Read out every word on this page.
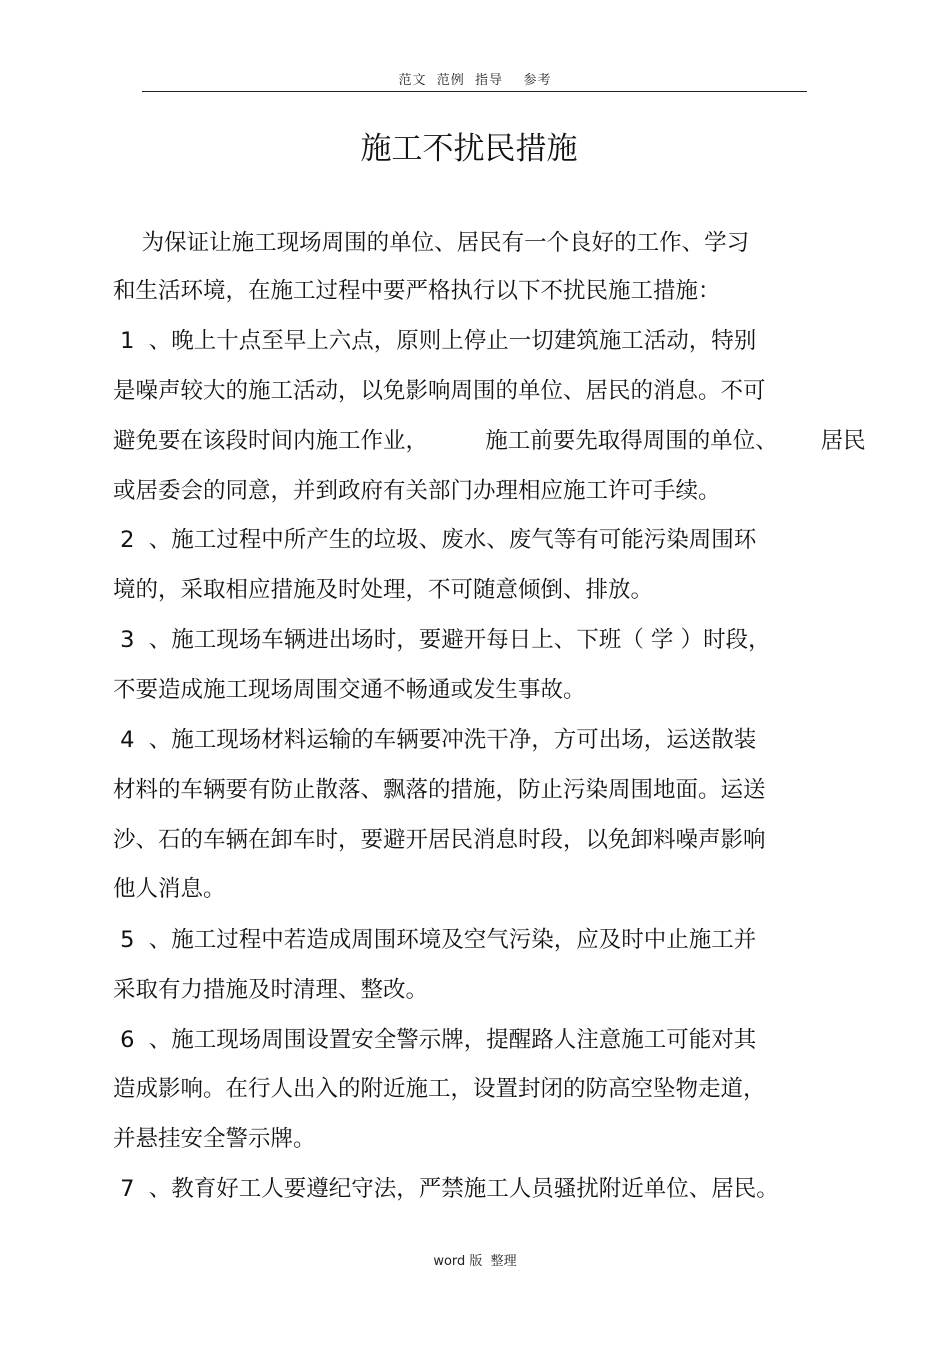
范文  范例  指导    参考
施工不扰民措施
为保证让施工现场周围的单位、居民有一个良好的工作、学习
和生活环境，在施工过程中要严格执行以下不扰民施工措施：
1  、晚上十点至早上六点，原则上停止一切建筑施工活动，特别
是噪声较大的施工活动，以免影响周围的单位、居民的消息。不可
避免要在该段时间内施工作业，        施工前要先取得周围的单位、      居民
或居委会的同意，并到政府有关部门办理相应施工许可手续。
2  、施工过程中所产生的垃圾、废水、废气等有可能污染周围环
境的，采取相应措施及时处理，不可随意倾倒、排放。
3  、施工现场车辆进出场时，要避开每日上、下班（ 学 ）时段，
不要造成施工现场周围交通不畅通或发生事故。
4  、施工现场材料运输的车辆要冲洗干净，方可出场，运送散装
材料的车辆要有防止散落、飘落的措施，防止污染周围地面。运送
沙、石的车辆在卸车时，要避开居民消息时段，以免卸料噪声影响
他人消息。
5  、施工过程中若造成周围环境及空气污染，应及时中止施工并
采取有力措施及时清理、整改。
6  、施工现场周围设置安全警示牌，提醒路人注意施工可能对其
造成影响。在行人出入的附近施工，设置封闭的防高空坠物走道，
并悬挂安全警示牌。
7  、教育好工人要遵纪守法，严禁施工人员骚扰附近单位、居民。
word 版  整理
